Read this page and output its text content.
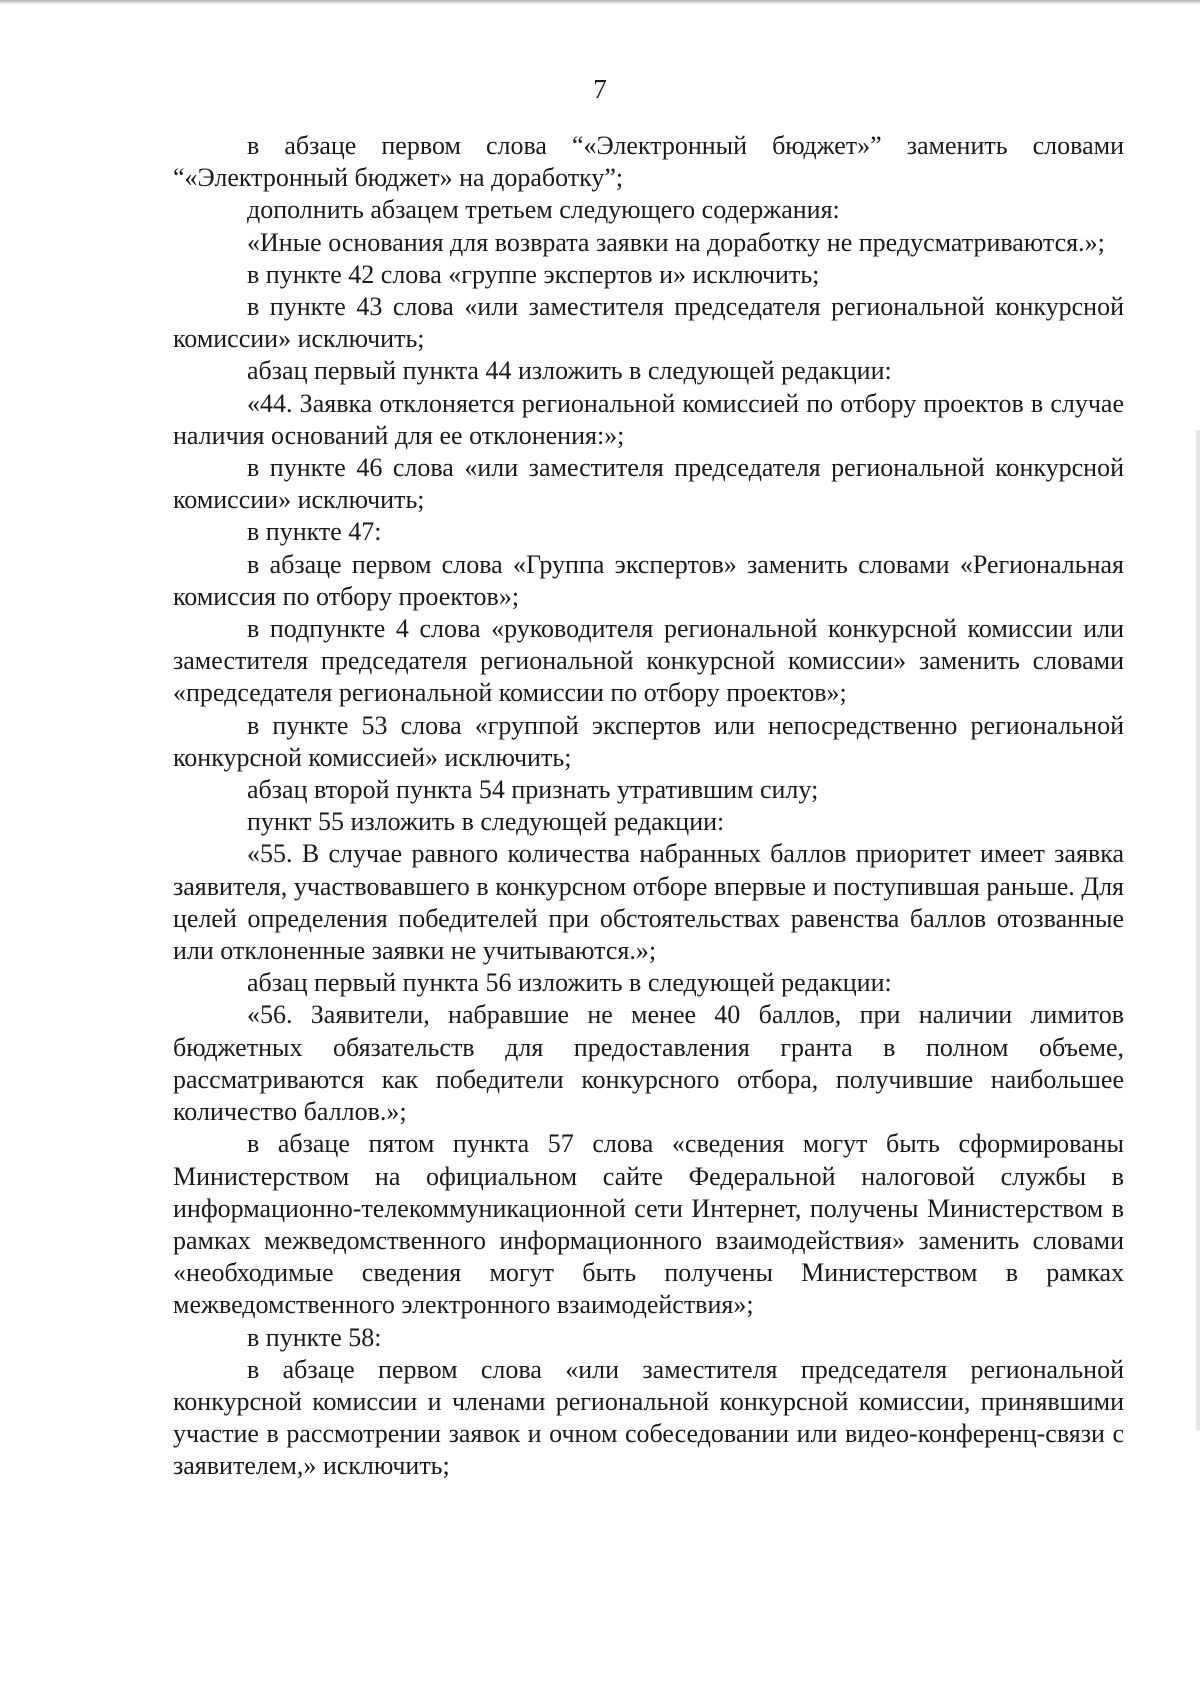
7

в абзаце первом слова “«Электронный бюджет»” заменить словами “«Электронный бюджет» на доработку”;

дополнить абзацем третьем следующего содержания:

«Иные основания для возврата заявки на доработку не предусматриваются.»;

в пункте 42 слова «группе экспертов и» исключить;

в пункте 43 слова «или заместителя председателя региональной конкурсной комиссии» исключить;

абзац первый пункта 44 изложить в следующей редакции:

«44. Заявка отклоняется региональной комиссией по отбору проектов в случае наличия оснований для ее отклонения:»;

в пункте 46 слова «или заместителя председателя региональной конкурсной комиссии» исключить;

в пункте 47:

в абзаце первом слова «Группа экспертов» заменить словами «Региональная комиссия по отбору проектов»;

в подпункте 4 слова «руководителя региональной конкурсной комиссии или заместителя председателя региональной конкурсной комиссии» заменить словами «председателя региональной комиссии по отбору проектов»;

в пункте 53 слова «группой экспертов или непосредственно региональной конкурсной комиссией» исключить;

абзац второй пункта 54 признать утратившим силу;

пункт 55 изложить в следующей редакции:

«55. В случае равного количества набранных баллов приоритет имеет заявка заявителя, участвовавшего в конкурсном отборе впервые и поступившая раньше. Для целей определения победителей при обстоятельствах равенства баллов отозванные или отклоненные заявки не учитываются.»;

абзац первый пункта 56 изложить в следующей редакции:

«56. Заявители, набравшие не менее 40 баллов, при наличии лимитов бюджетных обязательств для предоставления гранта в полном объеме, рассматриваются как победители конкурсного отбора, получившие наибольшее количество баллов.»;

в абзаце пятом пункта 57 слова «сведения могут быть сформированы Министерством на официальном сайте Федеральной налоговой службы в информационно-телекоммуникационной сети Интернет, получены Министерством в рамках межведомственного информационного взаимодействия» заменить словами «необходимые сведения могут быть получены Министерством в рамках межведомственного электронного взаимодействия»;

в пункте 58:

в абзаце первом слова «или заместителя председателя региональной конкурсной комиссии и членами региональной конкурсной комиссии, принявшими участие в рассмотрении заявок и очном собеседовании или видео-конференц-связи с заявителем,» исключить;
